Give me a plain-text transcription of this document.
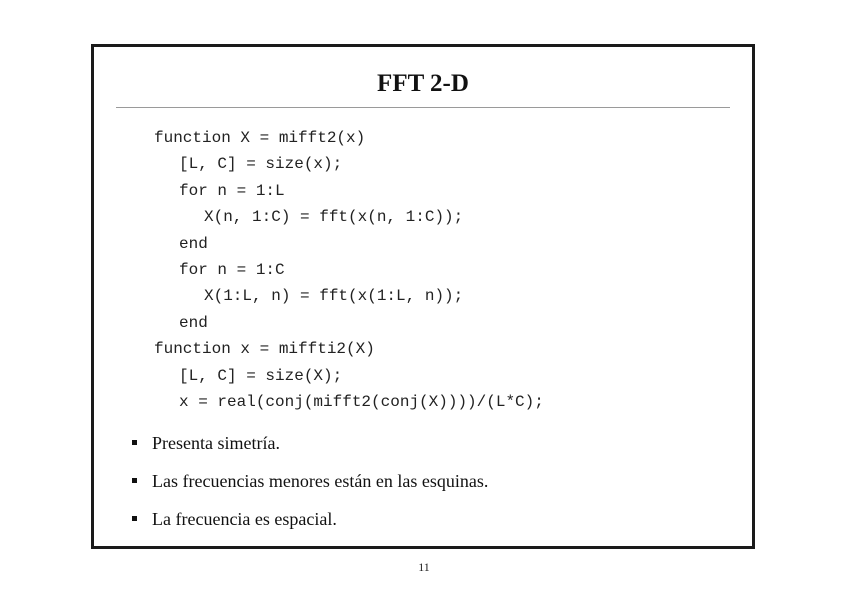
FFT 2-D
function X = mifft2(x)
[L, C] = size(x);
for n = 1:L
X(n, 1:C) = fft(x(n, 1:C));
end
for n = 1:C
X(1:L, n) = fft(x(1:L, n));
end
function x = miffti2(X)
[L, C] = size(X);
x = real(conj(mifft2(conj(X))))/(L*C);
Presenta simetría.
Las frecuencias menores están en las esquinas.
La frecuencia es espacial.
11
